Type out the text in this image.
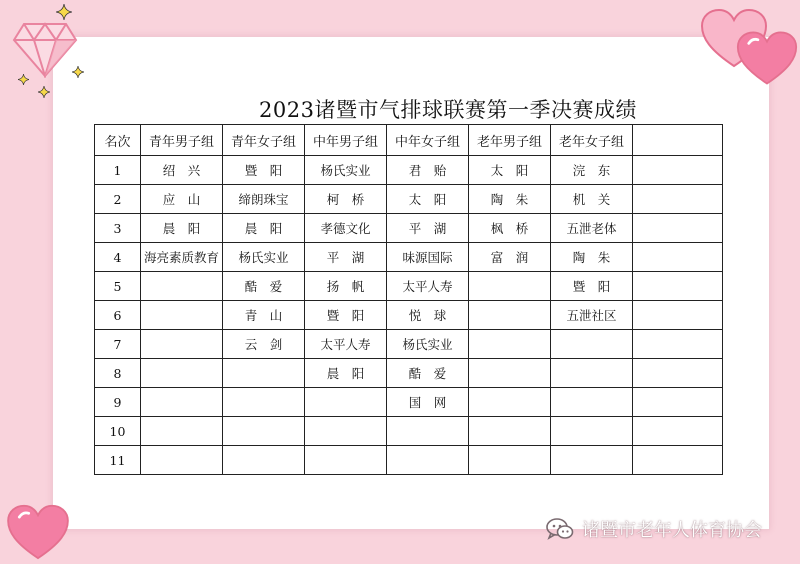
2023诸暨市气排球联赛第一季决赛成绩
名次	青年男子组	青年女子组	中年男子组	中年女子组	老年男子组	老年女子组	
1	绍　兴	暨　阳	杨氏实业	君　贻	太　阳	浣　东	
2	应　山	缔朗珠宝	柯　桥	太　阳	陶　朱	机　关	
3	晨　阳	晨　阳	孝德文化	平　湖	枫　桥	五泄老体	
4	海亮素质教育	杨氏实业	平　湖	味源国际	富　润	陶　朱	
5		酷　爱	扬　帆	太平人寿		暨　阳	
6		青　山	暨　阳	悦　球		五泄社区	
7		云　剑	太平人寿	杨氏实业			
8			晨　阳	酷　爱			
9				国　网			
10							
11							
诸暨市老年人体育协会
